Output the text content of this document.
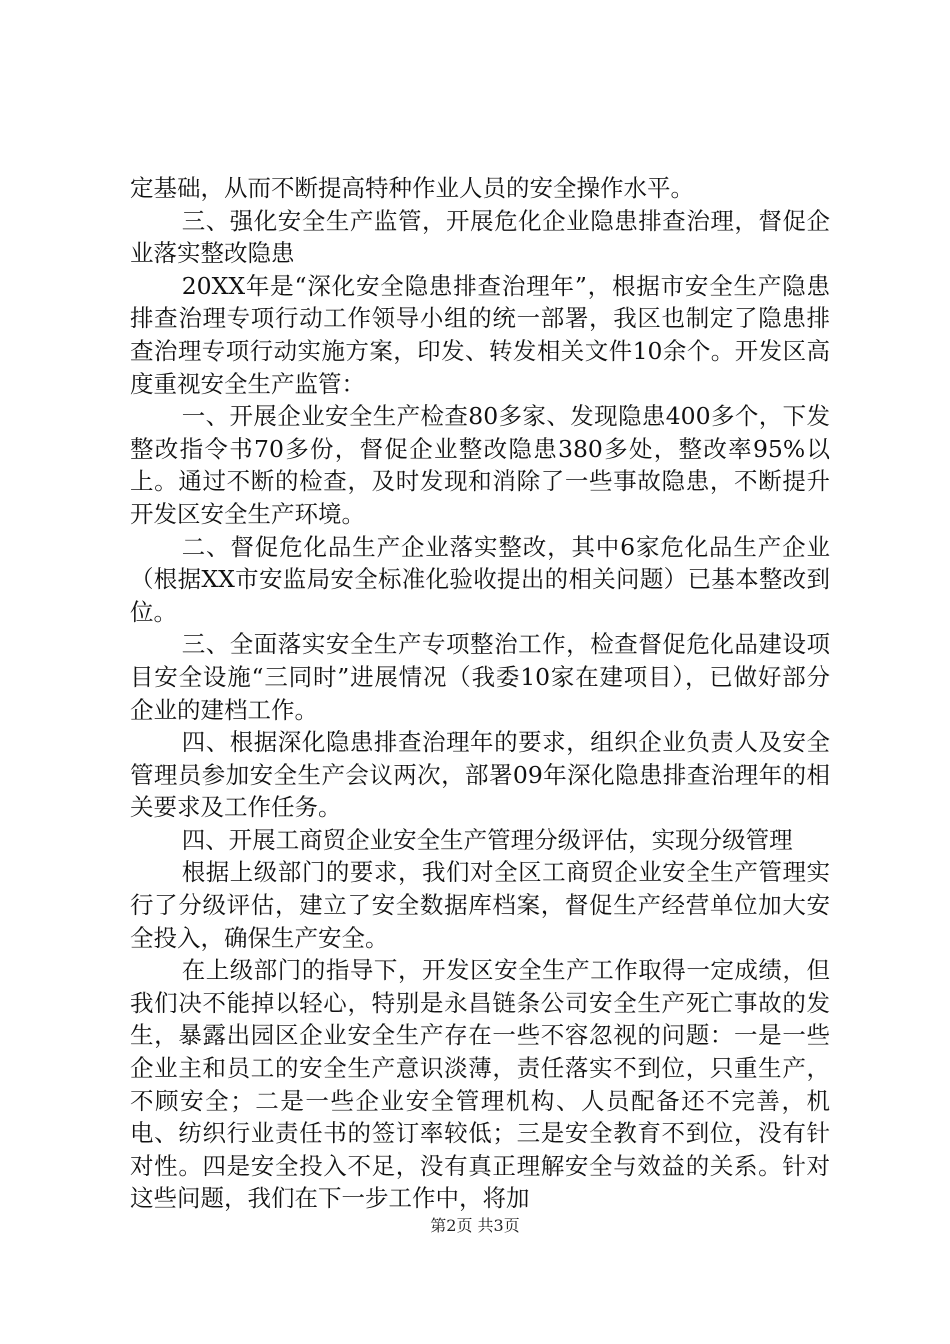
定基础，从而不断提高特种作业人员的安全操作水平。

三、强化安全生产监管，开展危化企业隐患排查治理，督促企业落实整改隐患

20XX年是“深化安全隐患排查治理年”，根据市安全生产隐患排查治理专项行动工作领导小组的统一部署，我区也制定了隐患排查治理专项行动实施方案，印发、转发相关文件10余个。开发区高度重视安全生产监管：

一、开展企业安全生产检查80多家、发现隐患400多个，下发整改指令书70多份，督促企业整改隐患380多处，整改率95%以上。通过不断的检查，及时发现和消除了一些事故隐患，不断提升开发区安全生产环境。

二、督促危化品生产企业落实整改，其中6家危化品生产企业（根据XX市安监局安全标准化验收提出的相关问题）已基本整改到位。

三、全面落实安全生产专项整治工作，检查督促危化品建设项目安全设施“三同时”进展情况（我委10家在建项目），已做好部分企业的建档工作。

四、根据深化隐患排查治理年的要求，组织企业负责人及安全管理员参加安全生产会议两次，部署09年深化隐患排查治理年的相关要求及工作任务。

四、开展工商贸企业安全生产管理分级评估，实现分级管理

根据上级部门的要求，我们对全区工商贸企业安全生产管理实行了分级评估，建立了安全数据库档案，督促生产经营单位加大安全投入，确保生产安全。

在上级部门的指导下，开发区安全生产工作取得一定成绩，但我们决不能掉以轻心，特别是永昌链条公司安全生产死亡事故的发生，暴露出园区企业安全生产存在一些不容忽视的问题：一是一些企业主和员工的安全生产意识淡薄，责任落实不到位，只重生产，不顾安全；二是一些企业安全管理机构、人员配备还不完善，机电、纺织行业责任书的签订率较低；三是安全教育不到位，没有针对性。四是安全投入不足，没有真正理解安全与效益的关系。针对这些问题，我们在下一步工作中，将加

第2页 共3页
